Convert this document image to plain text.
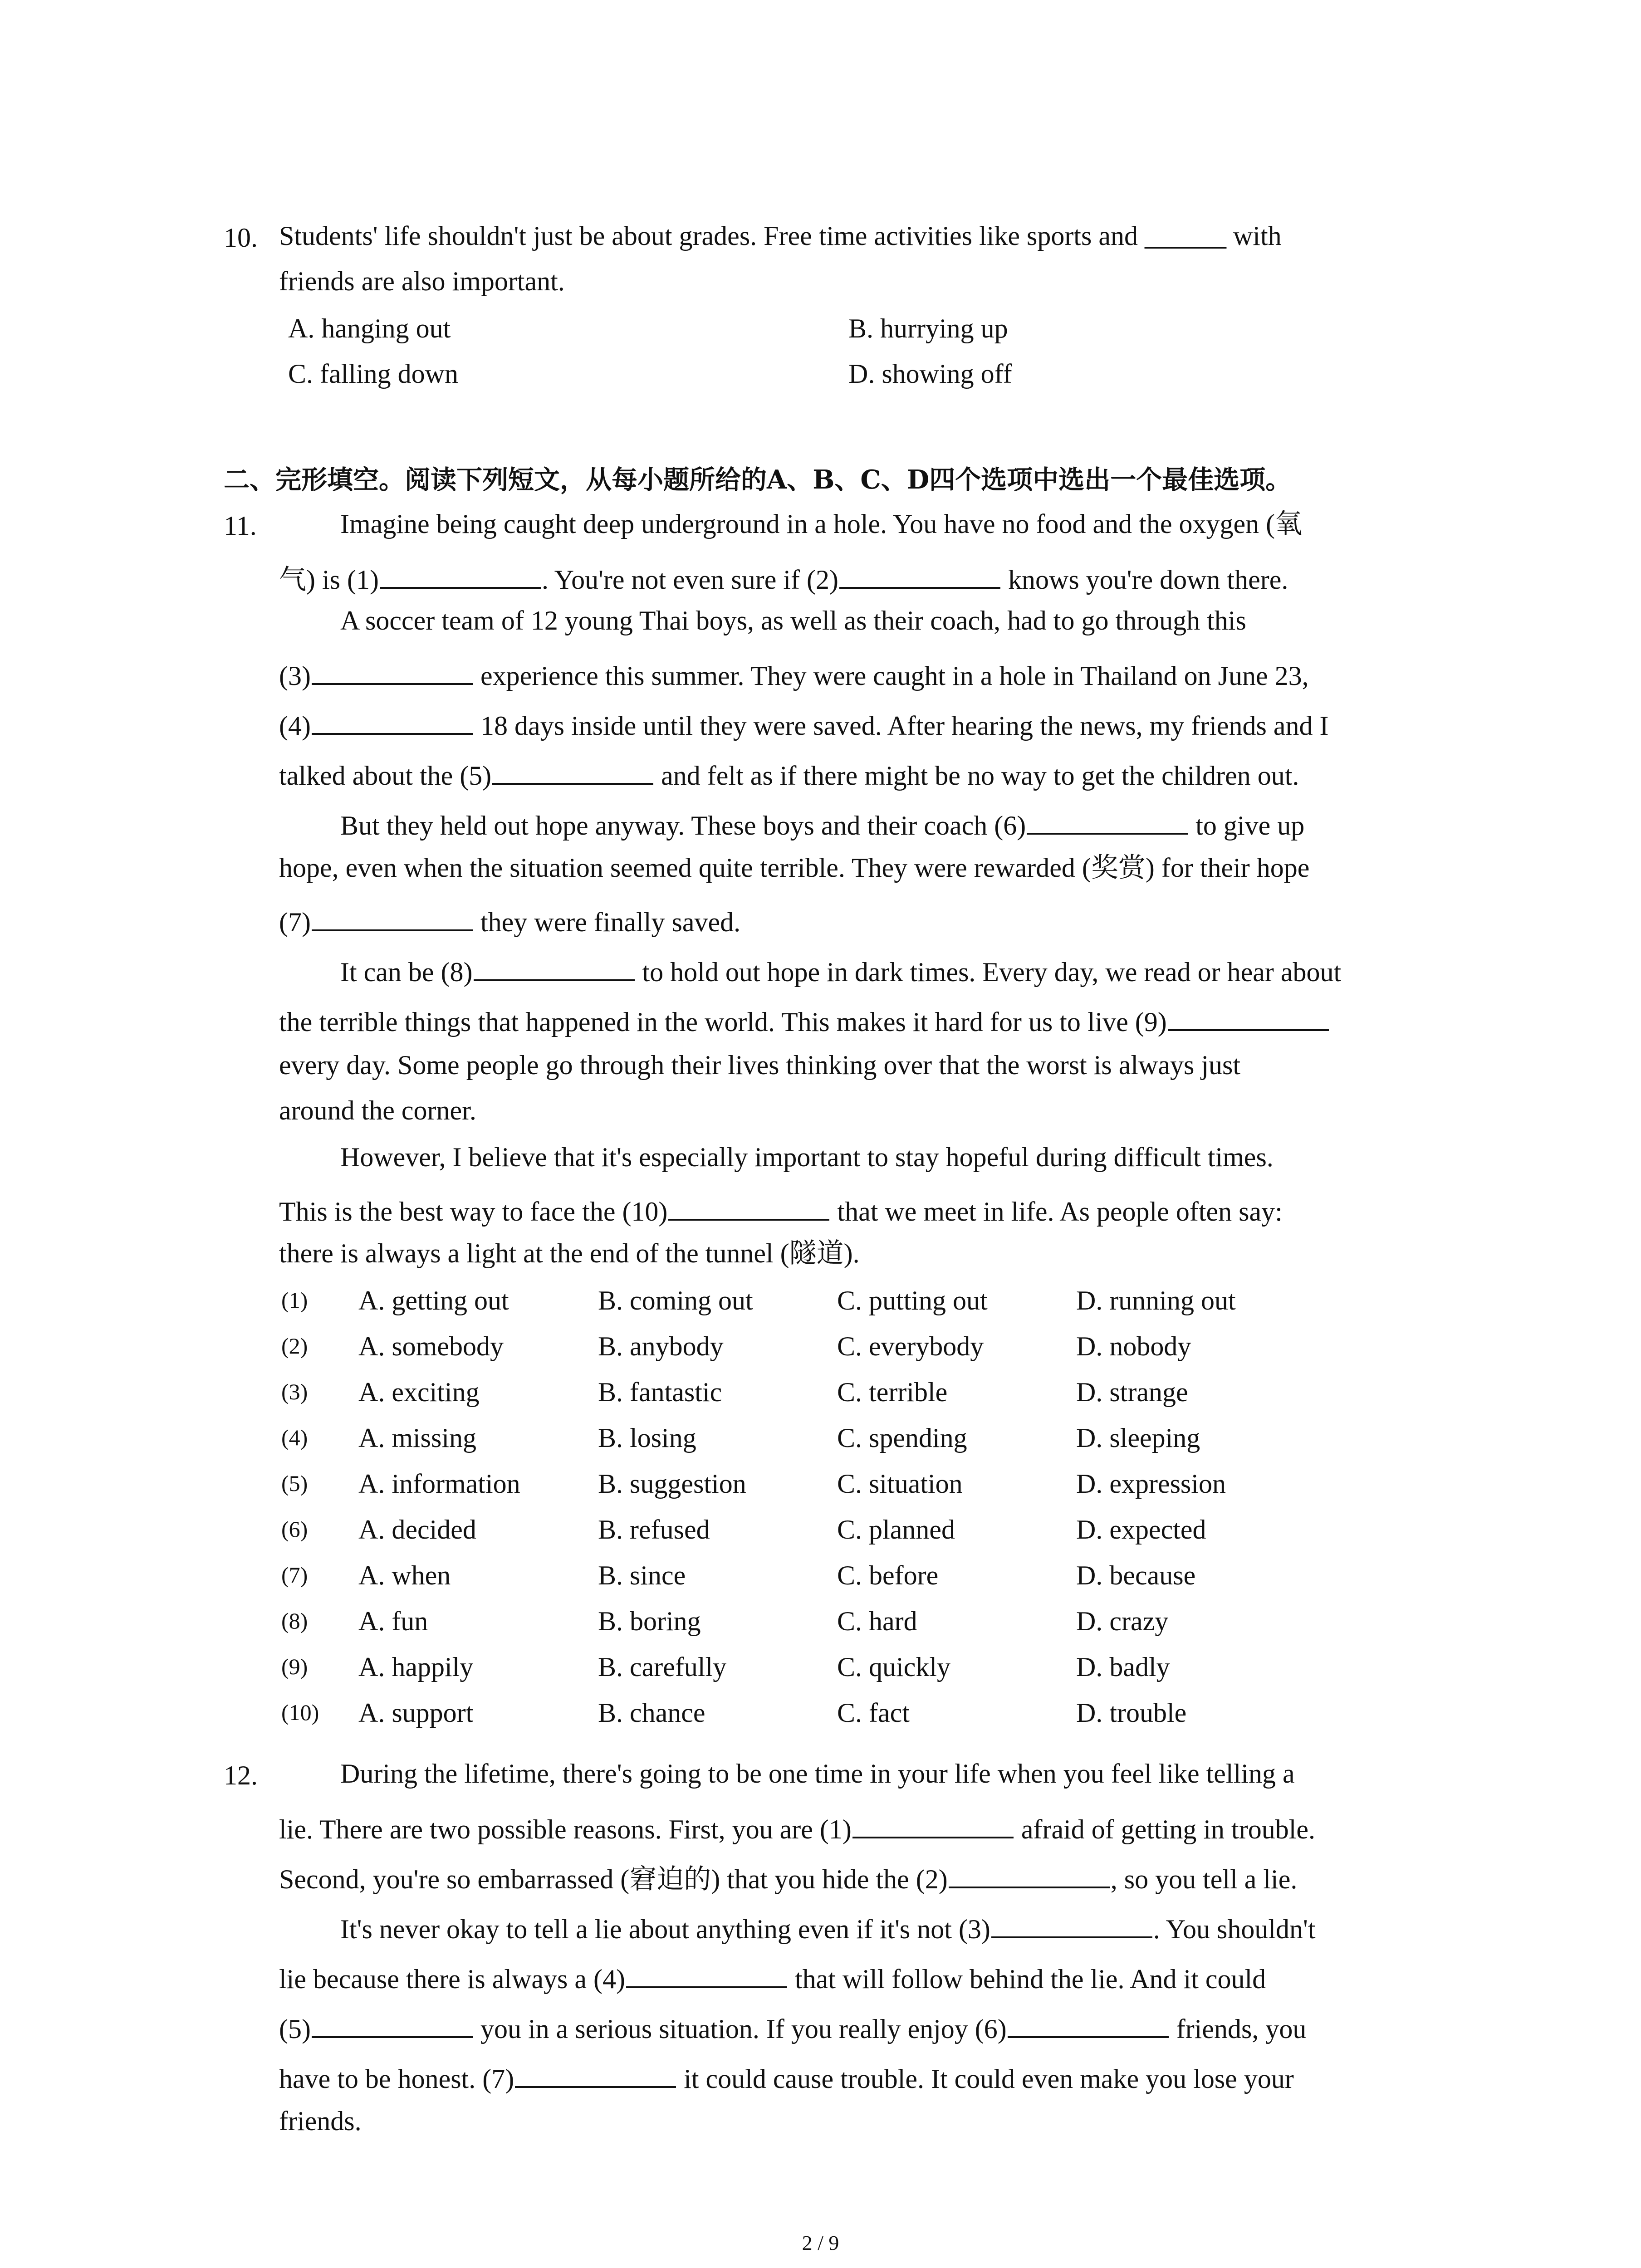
10. Students' life shouldn't just be about grades. Free time activities like sports and ______ with
friends are also important.
A. hanging out	B. hurrying up
C. falling down	D. showing off
二、完形填空。阅读下列短文，从每小题所给的A、B、C、D四个选项中选出一个最佳选项。
11.	Imagine being caught deep underground in a hole. You have no food and the oxygen (氧
气) is (1)	. You're not even sure if (2)	knows you're down there.
A soccer team of 12 young Thai boys, as well as their coach, had to go through this
(3)	experience this summer. They were caught in a hole in Thailand on June 23,
(4)	18 days inside until they were saved. After hearing the news, my friends and I
talked about the (5)	and felt as if there might be no way to get the children out.
But they held out hope anyway. These boys and their coach (6)	to give up
hope, even when the situation seemed quite terrible. They were rewarded (奖赏) for their hope
(7)	they were finally saved.
It can be (8)	to hold out hope in dark times. Every day, we read or hear about
the terrible things that happened in the world. This makes it hard for us to live (9)
every day. Some people go through their lives thinking over that the worst is always just
around the corner.
However, I believe that it's especially important to stay hopeful during difficult times.
This is the best way to face the (10)	that we meet in life. As people often say:
there is always a light at the end of the tunnel (隧道).
(1) A. getting out	B. coming out	C. putting out	D. running out
(2) A. somebody	B. anybody	C. everybody	D. nobody
(3) A. exciting	B. fantastic	C. terrible	D. strange
(4) A. missing	B. losing	C. spending	D. sleeping
(5) A. information	B. suggestion	C. situation	D. expression
(6) A. decided	B. refused	C. planned	D. expected
(7) A. when	B. since	C. before	D. because
(8) A. fun	B. boring	C. hard	D. crazy
(9) A. happily	B. carefully	C. quickly	D. badly
(10) A. support	B. chance	C. fact	D. trouble
12.	During the lifetime, there's going to be one time in your life when you feel like telling a
lie. There are two possible reasons. First, you are (1)	afraid of getting in trouble.
Second, you're so embarrassed (窘迫的) that you hide the (2)	, so you tell a lie.
It's never okay to tell a lie about anything even if it's not (3)	. You shouldn't
lie because there is always a (4)	that will follow behind the lie. And it could
(5)	you in a serious situation. If you really enjoy (6)	friends, you
have to be honest. (7)	it could cause trouble. It could even make you lose your
friends.
2 / 9
